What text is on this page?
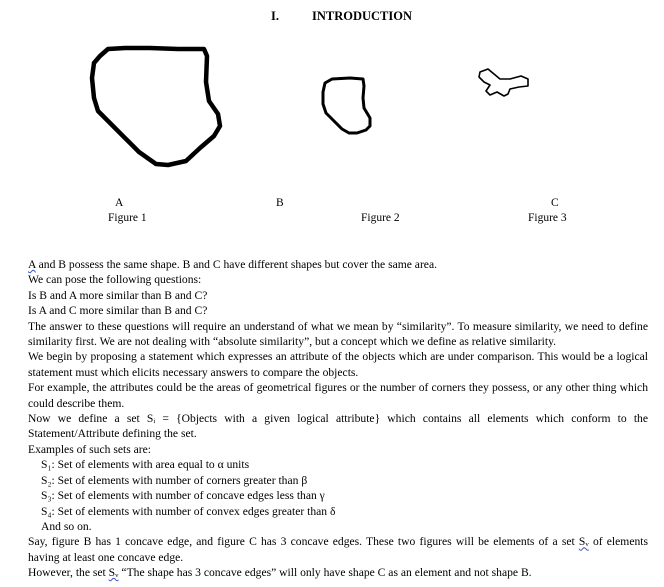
I.	INTRODUCTION
A	B	C
Figure 1	Figure 2	Figure 3

A and B possess the same shape. B and C have different shapes but cover the same area.

We can pose the following questions:

Is B and A more similar than B and C?

Is A and C more similar than B and C?

The answer to these questions will require an understand of what we mean by “similarity”. To measure similarity, we need to define similarity first. We are not dealing with “absolute similarity”, but a concept which we define as relative similarity.

We begin by proposing a statement which expresses an attribute of the objects which are under comparison. This would be a logical statement must which elicits necessary answers to compare the objects.

For example, the attributes could be the areas of geometrical figures or the number of corners they possess, or any other thing which could describe them.

Now we define a set Sᵢ = {Objects with a given logical attribute} which contains all elements which conform to the Statement/Attribute defining the set.

Examples of such sets are:

S₁: Set of elements with area equal to α units

S₂: Set of elements with number of corners greater than β

S₃: Set of elements with number of concave edges less than γ

S₄: Set of elements with number of convex edges greater than δ

And so on.

Say, figure B has 1 concave edge, and figure C has 3 concave edges. These two figures will be elements of a set Sᵥ of elements having at least one concave edge.

However, the set Sᵥ “The shape has 3 concave edges” will only have shape C as an element and not shape B.
